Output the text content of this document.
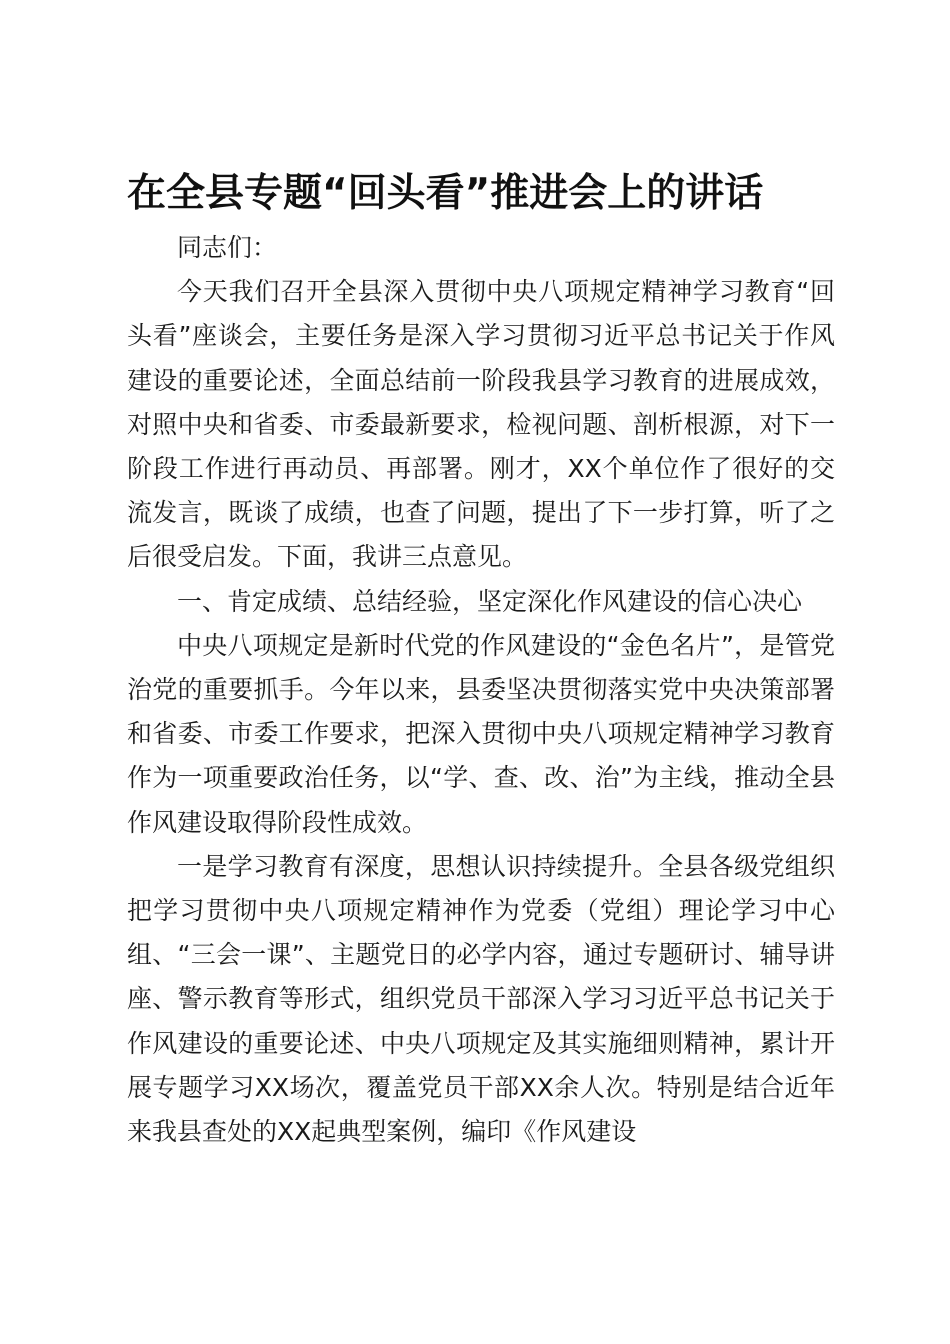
在全县专题“回头看”推进会上的讲话

同志们：

今天我们召开全县深入贯彻中央八项规定精神学习教育“回头看”座谈会，主要任务是深入学习贯彻习近平总书记关于作风建设的重要论述，全面总结前一阶段我县学习教育的进展成效，对照中央和省委、市委最新要求，检视问题、剖析根源，对下一阶段工作进行再动员、再部署。刚才，XX个单位作了很好的交流发言，既谈了成绩，也查了问题，提出了下一步打算，听了之后很受启发。下面，我讲三点意见。

一、肯定成绩、总结经验，坚定深化作风建设的信心决心

中央八项规定是新时代党的作风建设的“金色名片”，是管党治党的重要抓手。今年以来，县委坚决贯彻落实党中央决策部署和省委、市委工作要求，把深入贯彻中央八项规定精神学习教育作为一项重要政治任务，以“学、查、改、治”为主线，推动全县作风建设取得阶段性成效。

一是学习教育有深度，思想认识持续提升。全县各级党组织把学习贯彻中央八项规定精神作为党委（党组）理论学习中心组、“三会一课”、主题党日的必学内容，通过专题研讨、辅导讲座、警示教育等形式，组织党员干部深入学习习近平总书记关于作风建设的重要论述、中央八项规定及其实施细则精神，累计开展专题学习XX场次，覆盖党员干部XX余人次。特别是结合近年来我县查处的XX起典型案例，编印《作风建设
